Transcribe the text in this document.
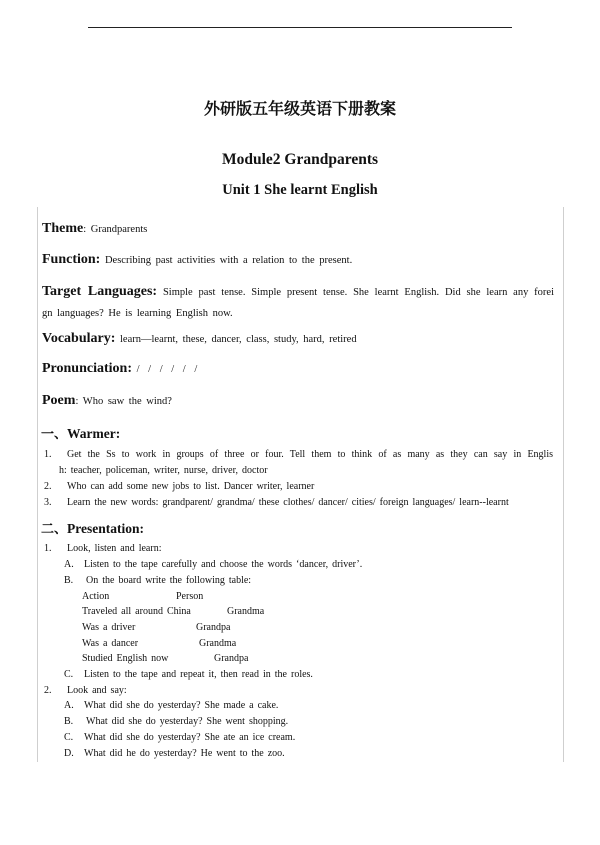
外研版五年级英语下册教案
Module2 Grandparents
Unit 1 She learnt English
Theme: Grandparents
Function: Describing past activities with a relation to the present.
Target Languages: Simple past tense. Simple present tense. She learnt English. Did she learn any forei
gn languages? He is learning English now.
Vocabulary: learn—learnt, these, dancer, class, study, hard, retired
Pronunciation: / / / / / /
Poem: Who saw the wind?
一、Warmer:
1. Get the Ss to work in groups of three or four. Tell them to think of as many as they can say in Englis
h: teacher, policeman, writer, nurse, driver, doctor
2. Who can add some new jobs to list. Dancer writer, learner
3. Learn the new words: grandparent/ grandma/ these clothes/ dancer/ cities/ foreign languages/ learn--learnt
二、Presentation:
1. Look, listen and learn:
A. Listen to the tape carefully and choose the words ‘dancer, driver’.
B. On the board write the following table:
Action	Person
Traveled all around China	Grandma
Was a driver	Grandpa
Was a dancer	Grandma
Studied English now	Grandpa
C. Listen to the tape and repeat it, then read in the roles.
2. Look and say:
A. What did she do yesterday? She made a cake.
B. What did she do yesterday? She went shopping.
C. What did she do yesterday? She ate an ice cream.
D. What did he do yesterday? He went to the zoo.
